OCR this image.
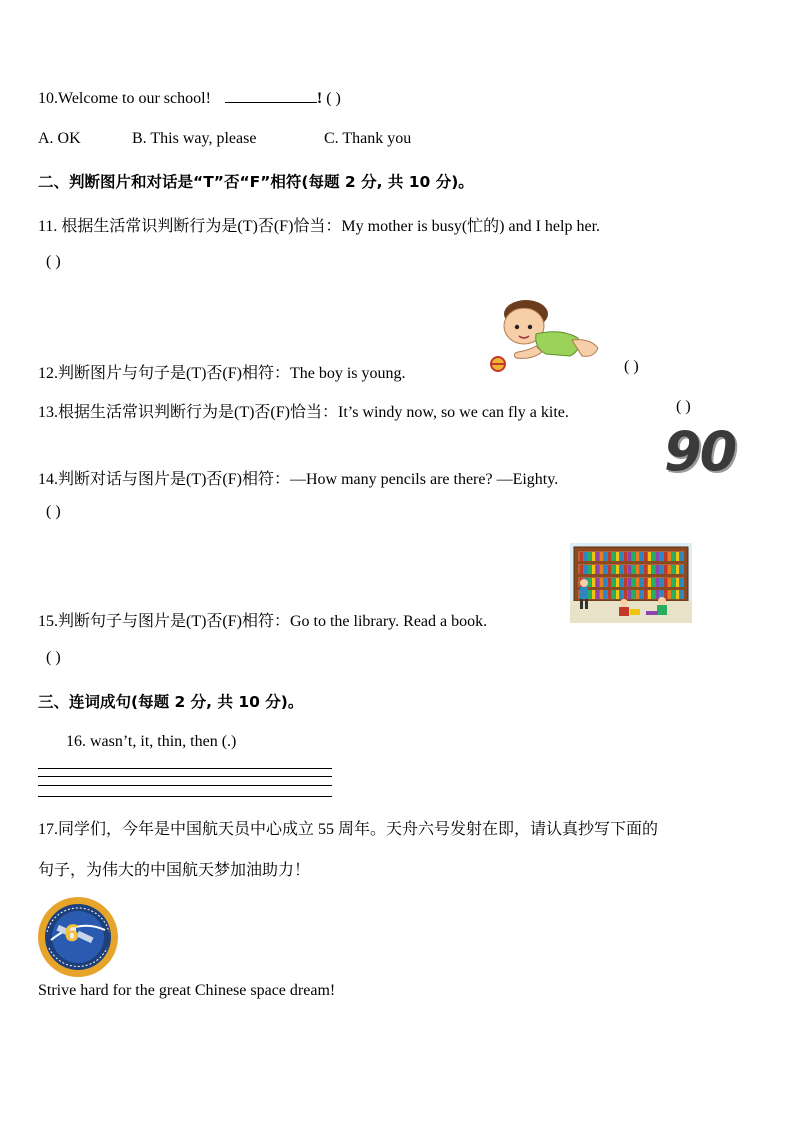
10.Welcome to our school!	! ( )
A. OK	B. This way, please	C. Thank you
二、判断图片和对话是“T”否“F”相符(每题 2 分, 共 10 分)。
11. 根据生活常识判断行为是(T)否(F)恰当：My mother is busy(忙的) and I help her.
( )
12.判断图片与句子是(T)否(F)相符：The boy is young.	( )
13.根据生活常识判断行为是(T)否(F)恰当：It’s windy now, so we can fly a kite.	( )
90
14.判断对话与图片是(T)否(F)相符：—How many pencils are there? —Eighty.
( )
15.判断句子与图片是(T)否(F)相符：Go to the library. Read a book.
( )
三、连词成句(每题 2 分, 共 10 分)。
16. wasn’t, it, thin, then (.)
17.同学们，今年是中国航天员中心成立 55 周年。天舟六号发射在即，请认真抄写下面的
句子，为伟大的中国航天梦加油助力！
6
Strive hard for the great Chinese space dream!
